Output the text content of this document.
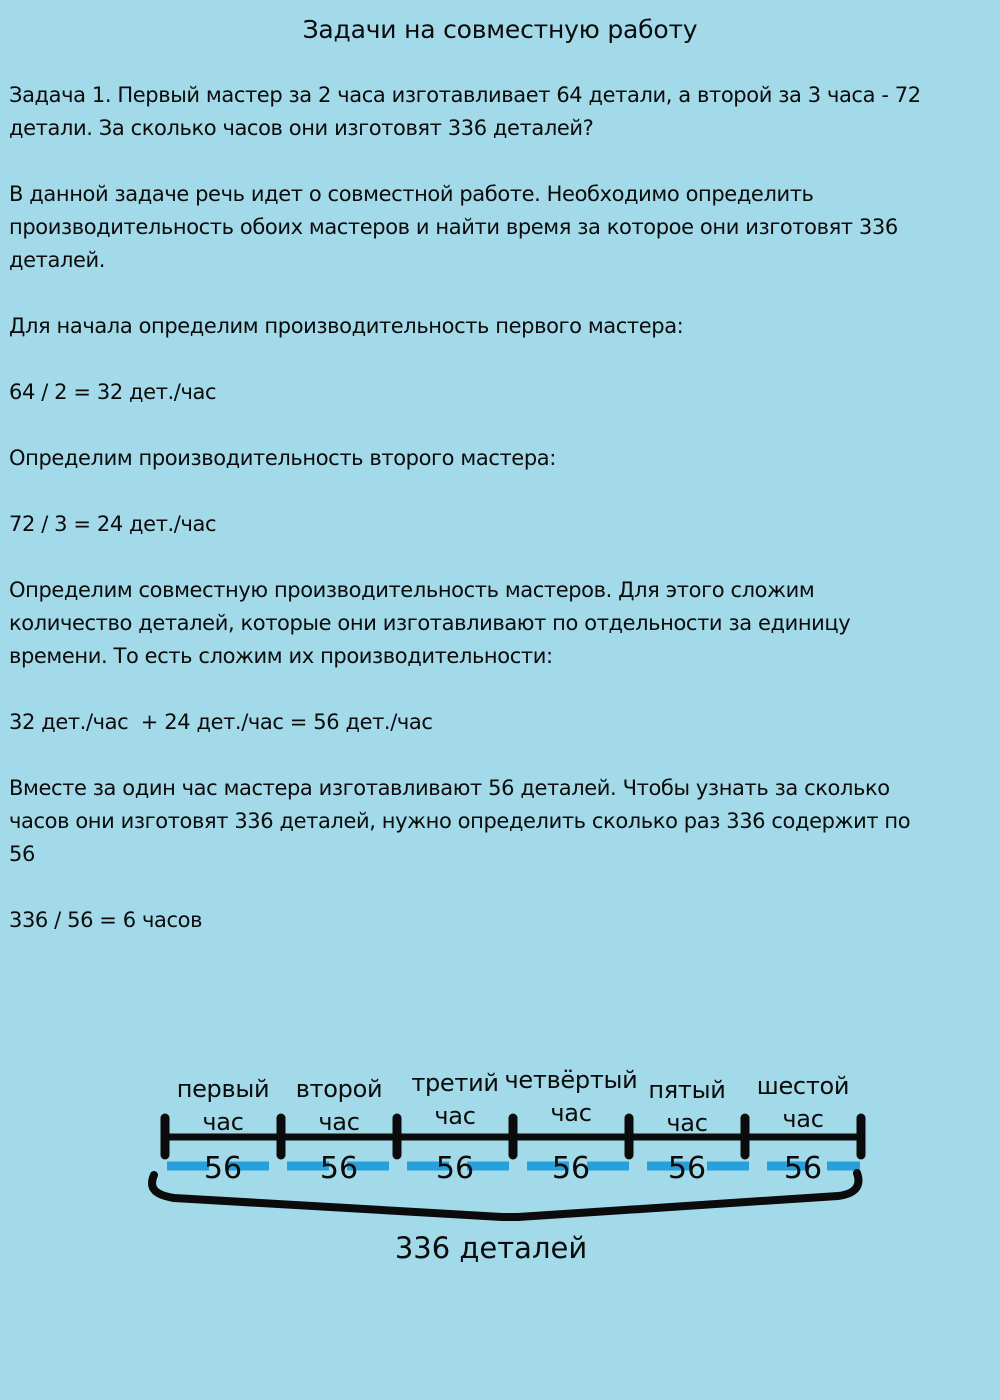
Задачи на совместную работу
Задача 1. Первый мастер за 2 часа изготавливает 64 детали, а второй за 3 часа - 72
детали. За сколько часов они изготовят 336 деталей?
В данной задаче речь идет о совместной работе. Необходимо определить
производительность обоих мастеров и найти время за которое они изготовят 336
деталей.
Для начала определим производительность первого мастера:
64 / 2 = 32 дет./час
Определим производительность второго мастера:
72 / 3 = 24 дет./час
Определим совместную производительность мастеров. Для этого сложим
количество деталей, которые они изготавливают по отдельности за единицу
времени. То есть сложим их производительности:
32 дет./час  + 24 дет./час = 56 дет./час
Вместе за один час мастера изготавливают 56 деталей. Чтобы узнать за сколько
часов они изготовят 336 деталей, нужно определить сколько раз 336 содержит по
56
336 / 56 = 6 часов
первый
час
второй
час
третий
час
четвёртый
час
пятый
час
шестой
час
56	56	56	56	56	56
336 деталей
